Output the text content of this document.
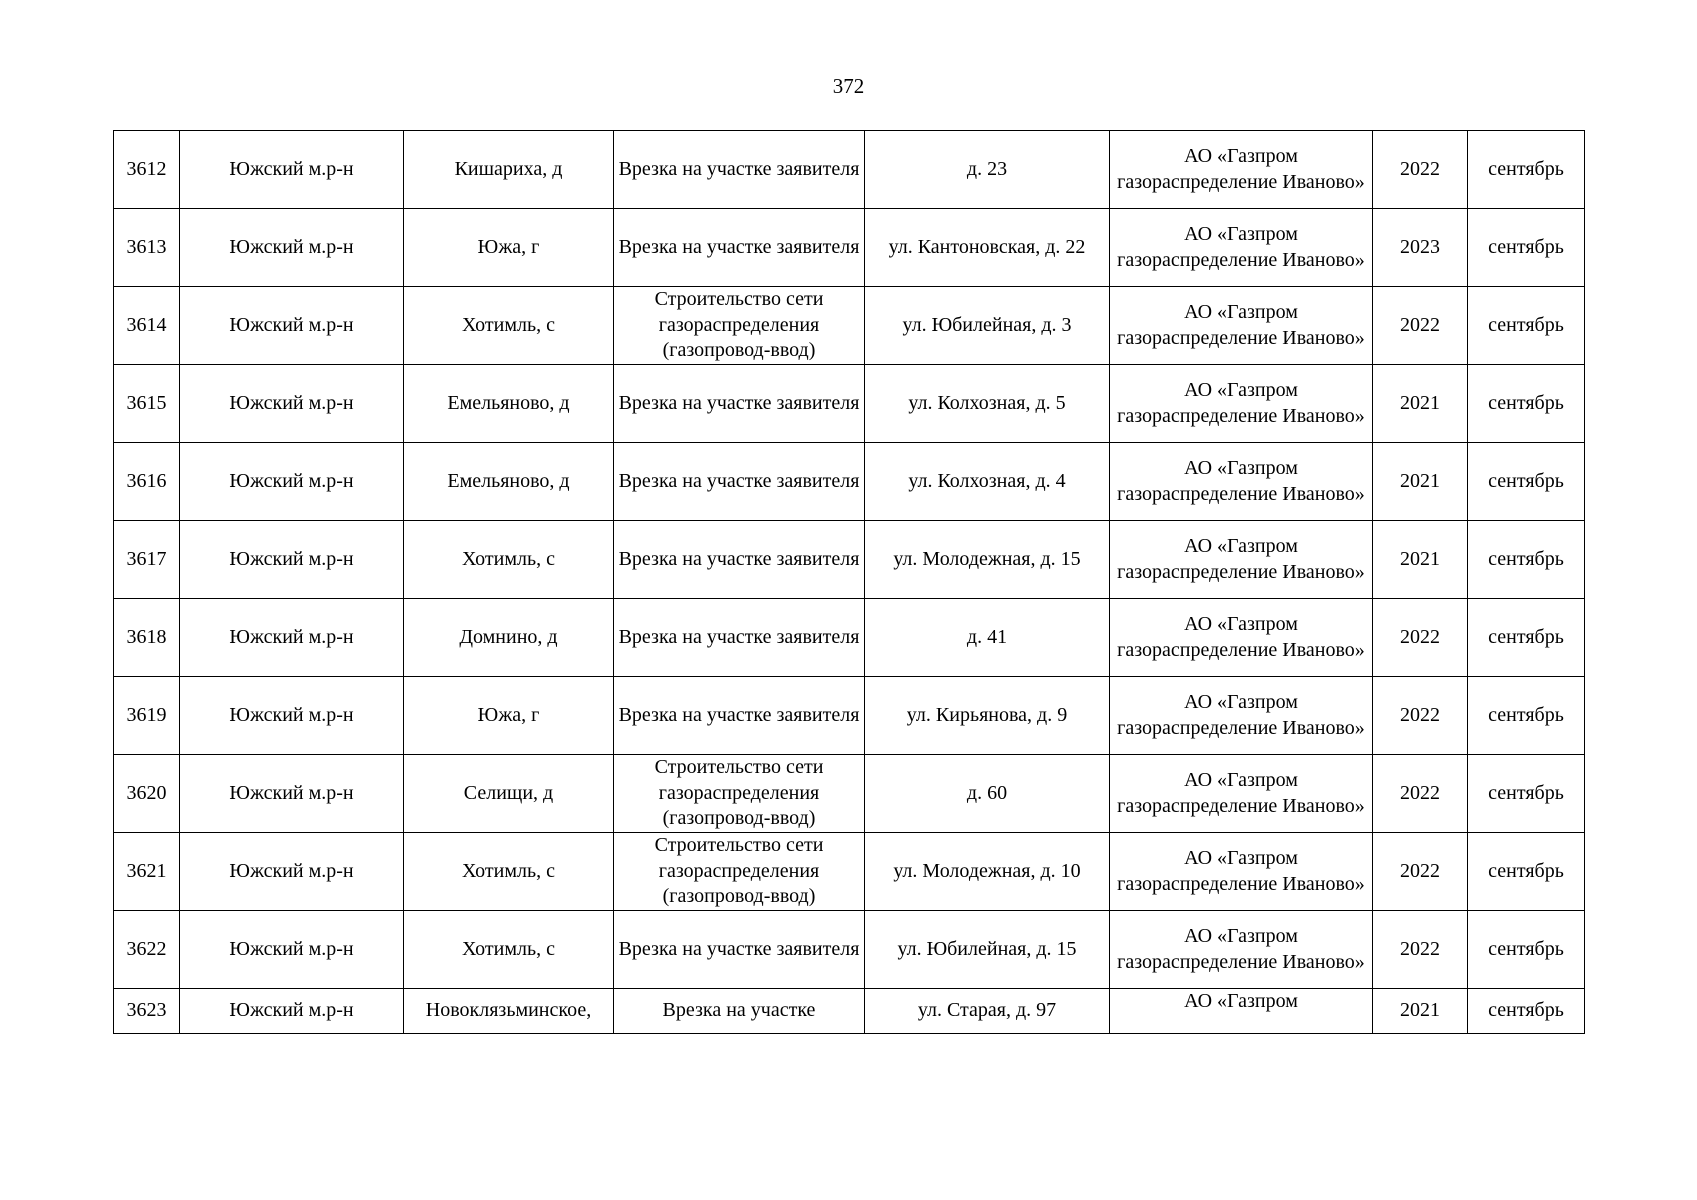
372
3612	Южский м.р-н	Кишариха, д	Врезка на участке заявителя	д. 23	АО «Газпром газораспределение Иваново»	2022	сентябрь
3613	Южский м.р-н	Южа, г	Врезка на участке заявителя	ул. Кантоновская, д. 22	АО «Газпром газораспределение Иваново»	2023	сентябрь
3614	Южский м.р-н	Хотимль, с	Строительство сети газораспределения (газопровод-ввод)	ул. Юбилейная, д. 3	АО «Газпром газораспределение Иваново»	2022	сентябрь
3615	Южский м.р-н	Емельяново, д	Врезка на участке заявителя	ул. Колхозная, д. 5	АО «Газпром газораспределение Иваново»	2021	сентябрь
3616	Южский м.р-н	Емельяново, д	Врезка на участке заявителя	ул. Колхозная, д. 4	АО «Газпром газораспределение Иваново»	2021	сентябрь
3617	Южский м.р-н	Хотимль, с	Врезка на участке заявителя	ул. Молодежная, д. 15	АО «Газпром газораспределение Иваново»	2021	сентябрь
3618	Южский м.р-н	Домнино, д	Врезка на участке заявителя	д. 41	АО «Газпром газораспределение Иваново»	2022	сентябрь
3619	Южский м.р-н	Южа, г	Врезка на участке заявителя	ул. Кирьянова, д. 9	АО «Газпром газораспределение Иваново»	2022	сентябрь
3620	Южский м.р-н	Селищи, д	Строительство сети газораспределения (газопровод-ввод)	д. 60	АО «Газпром газораспределение Иваново»	2022	сентябрь
3621	Южский м.р-н	Хотимль, с	Строительство сети газораспределения (газопровод-ввод)	ул. Молодежная, д. 10	АО «Газпром газораспределение Иваново»	2022	сентябрь
3622	Южский м.р-н	Хотимль, с	Врезка на участке заявителя	ул. Юбилейная, д. 15	АО «Газпром газораспределение Иваново»	2022	сентябрь
3623	Южский м.р-н	Новоклязьминское,	Врезка на участке	ул. Старая, д. 97	АО «Газпром	2021	сентябрь
